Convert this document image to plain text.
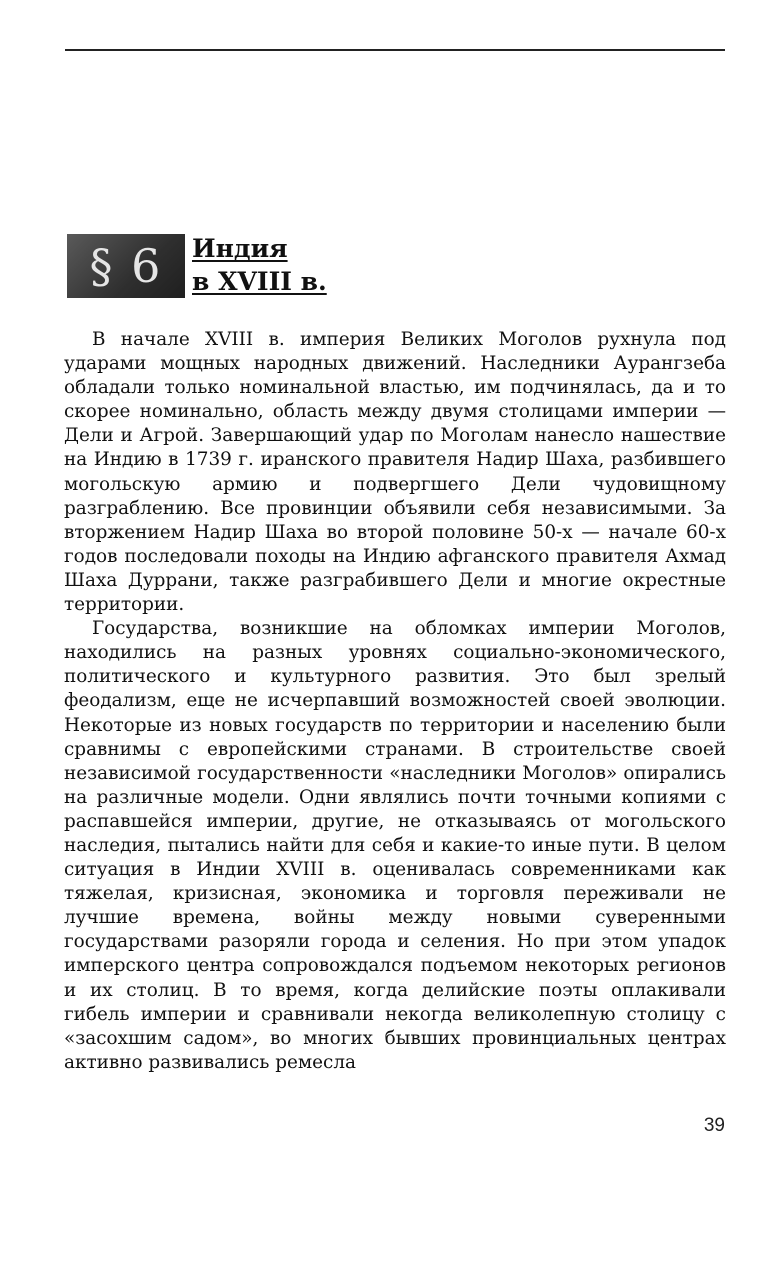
§ 6	Индия
в XVIII в.

В начале XVIII в. империя Великих Моголов рухнула под ударами мощных народных движений. Наследники Аурангзеба обладали только номинальной властью, им подчинялась, да и то скорее номинально, область между двумя столицами империи — Дели и Агрой. Завершающий удар по Моголам нанесло нашествие на Индию в 1739 г. иранского правителя Надир Шаха, разбившего могольскую армию и подвергшего Дели чудовищному разграблению. Все провинции объявили себя независимыми. За вторжением Надир Шаха во второй половине 50-х — начале 60-х годов последовали походы на Индию афганского правителя Ахмад Шаха Дуррани, также разграбившего Дели и многие окрестные территории.

Государства, возникшие на обломках империи Моголов, находились на разных уровнях социально-экономического, политического и культурного развития. Это был зрелый феодализм, еще не исчерпавший возможностей своей эволюции. Некоторые из новых государств по территории и населению были сравнимы с европейскими странами. В строительстве своей независимой государственности «наследники Моголов» опирались на различные модели. Одни являлись почти точными копиями с распавшейся империи, другие, не отказываясь от могольского наследия, пытались найти для себя и какие-то иные пути. В целом ситуация в Индии XVIII в. оценивалась современниками как тяжелая, кризисная, экономика и торговля переживали не лучшие времена, войны между новыми суверенными государствами разоряли города и селения. Но при этом упадок имперского центра сопровождался подъемом некоторых регионов и их столиц. В то время, когда делийские поэты оплакивали гибель империи и сравнивали некогда великолепную столицу с «засохшим садом», во многих бывших провинциальных центрах активно развивались ремесла

39
